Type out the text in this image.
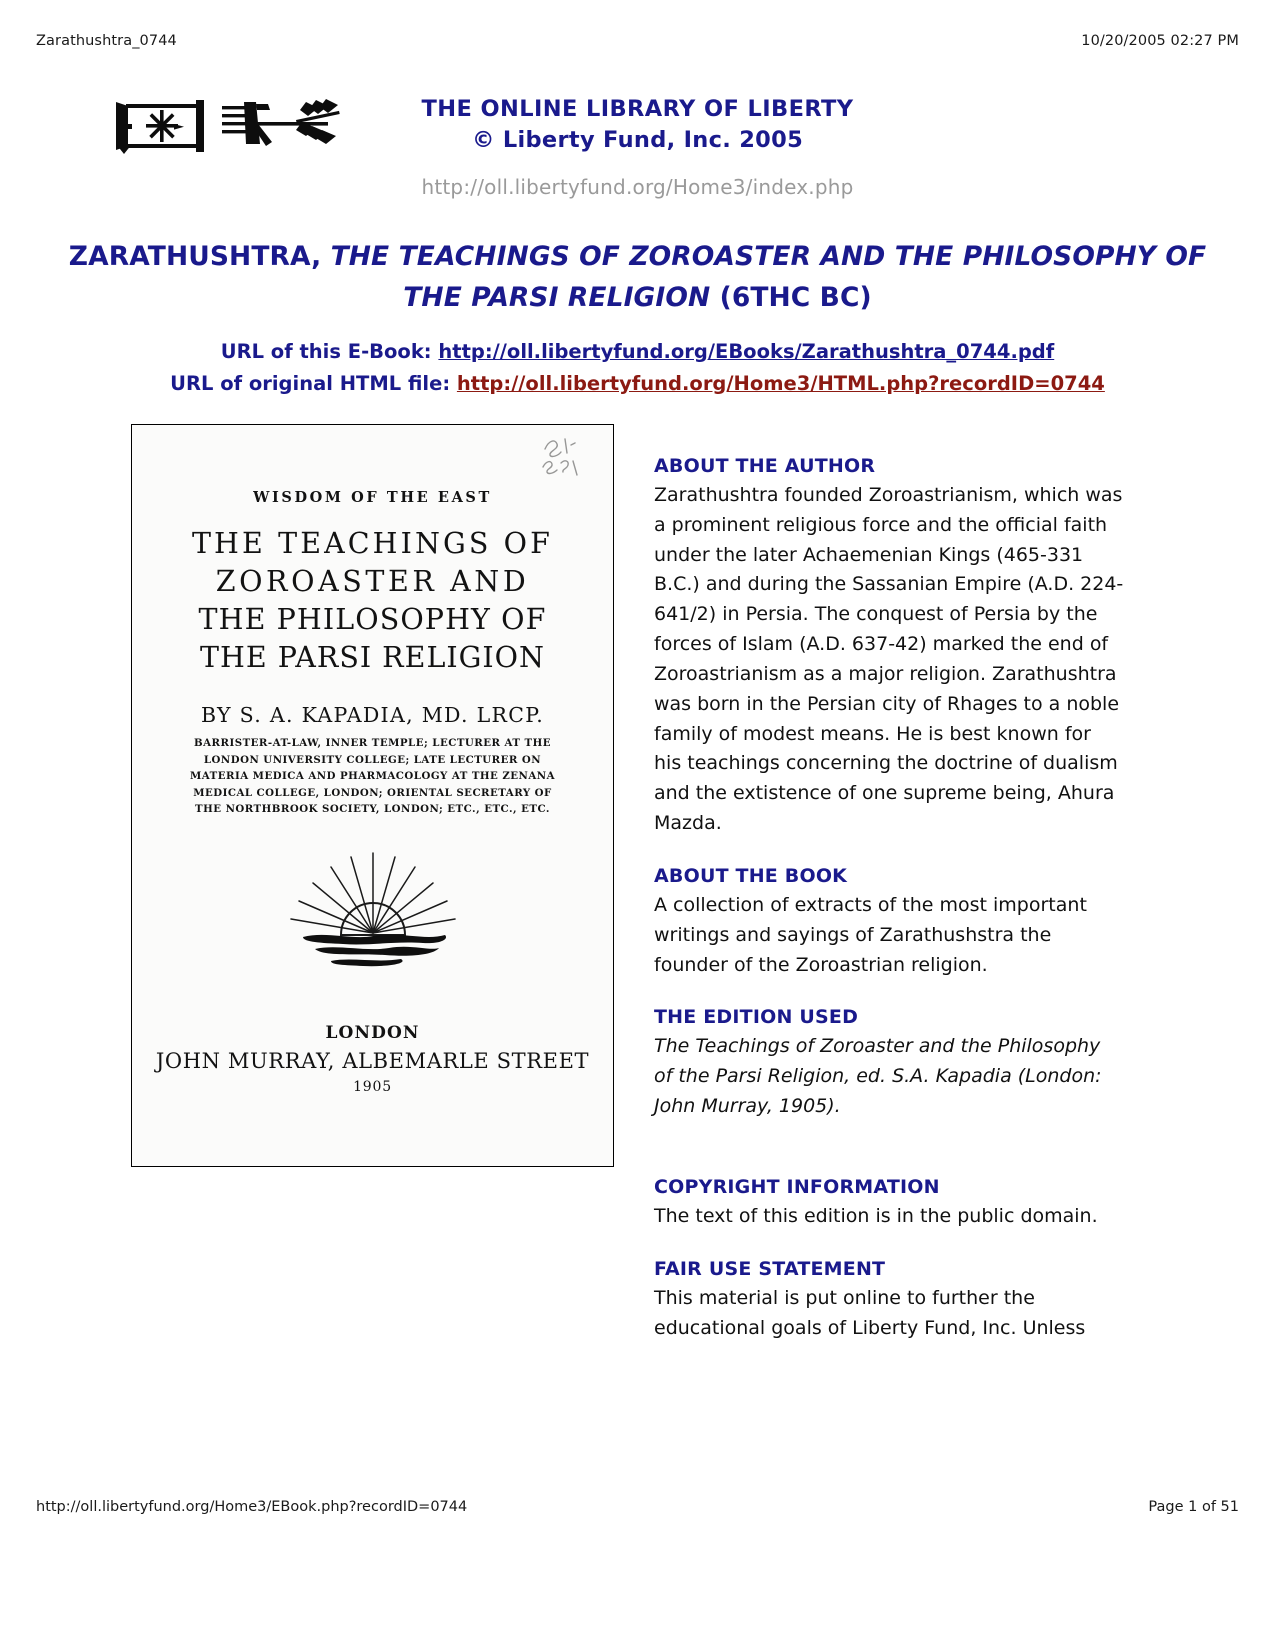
Zarathushtra_0744	10/20/2005 02:27 PM
THE ONLINE LIBRARY OF LIBERTY
© Liberty Fund, Inc. 2005
http://oll.libertyfund.org/Home3/index.php
ZARATHUSHTRA, THE TEACHINGS OF ZOROASTER AND THE PHILOSOPHY OF THE PARSI RELIGION (6THC BC)
URL of this E-Book: http://oll.libertyfund.org/EBooks/Zarathushtra_0744.pdf
URL of original HTML file: http://oll.libertyfund.org/Home3/HTML.php?recordID=0744
WISDOM OF THE EAST
THE TEACHINGS OF
ZOROASTER AND
THE PHILOSOPHY OF
THE PARSI RELIGION
BY S. A. KAPADIA, MD. LRCP.
BARRISTER-AT-LAW, INNER TEMPLE; LECTURER AT THE
LONDON UNIVERSITY COLLEGE; LATE LECTURER ON
MATERIA MEDICA AND PHARMACOLOGY AT THE ZENANA
MEDICAL COLLEGE, LONDON; ORIENTAL SECRETARY OF
THE NORTHBROOK SOCIETY, LONDON; ETC., ETC., ETC.
LONDON
JOHN MURRAY, ALBEMARLE STREET
1905
ABOUT THE AUTHOR

Zarathushtra founded Zoroastrianism, which was a prominent religious force and the official faith under the later Achaemenian Kings (465-331 B.C.) and during the Sassanian Empire (A.D. 224-641/2) in Persia. The conquest of Persia by the forces of Islam (A.D. 637-42) marked the end of Zoroastrianism as a major religion. Zarathushtra was born in the Persian city of Rhages to a noble family of modest means. He is best known for his teachings concerning the doctrine of dualism and the extistence of one supreme being, Ahura Mazda.

ABOUT THE BOOK

A collection of extracts of the most important writings and sayings of Zarathushstra the founder of the Zoroastrian religion.

THE EDITION USED

The Teachings of Zoroaster and the Philosophy of the Parsi Religion, ed. S.A. Kapadia (London: John Murray, 1905).

COPYRIGHT INFORMATION

The text of this edition is in the public domain.

FAIR USE STATEMENT

This material is put online to further the educational goals of Liberty Fund, Inc. Unless

http://oll.libertyfund.org/Home3/EBook.php?recordID=0744	Page 1 of 51
